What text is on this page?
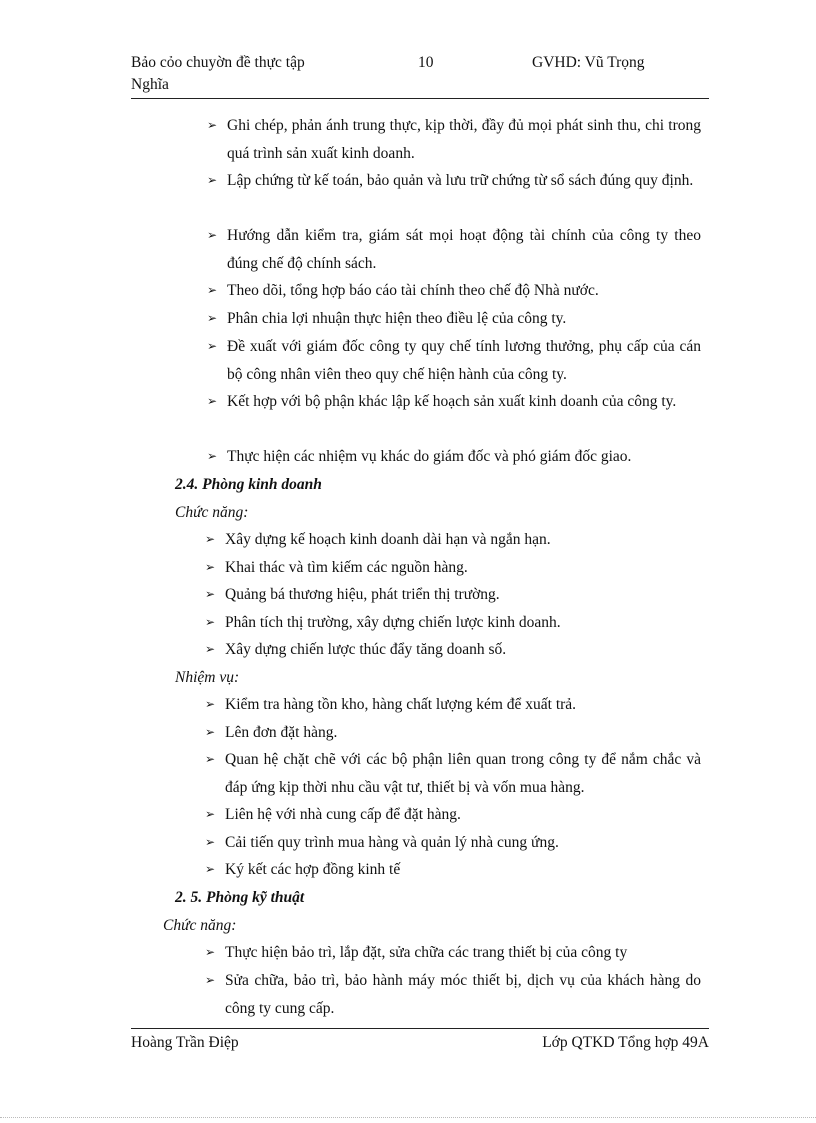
Bảo cỏo chuyờn đề thực tập Nghĩa
10	GVHD: Vũ Trọng
➢ Ghi chép, phản ánh trung thực, kịp thời, đầy đủ mọi phát sinh thu, chi trong quá trình sản xuất kinh doanh.
➢ Lập chứng từ kế toán, bảo quản và lưu trữ chứng từ sổ sách đúng quy định.
➢ Hướng dẫn kiểm tra, giám sát mọi hoạt động tài chính của công ty theo đúng chế độ chính sách.
➢ Theo dõi, tổng hợp báo cáo tài chính theo chế độ Nhà nước.
➢ Phân chia lợi nhuận thực hiện theo điều lệ của công ty.
➢ Đề xuất với giám đốc công ty quy chế tính lương thưởng, phụ cấp của cán bộ công nhân viên theo quy chế hiện hành của công ty.
➢ Kết hợp với bộ phận khác lập kế hoạch sản xuất kinh doanh của công ty.
➢ Thực hiện các nhiệm vụ khác do giám đốc và phó giám đốc giao.
2.4. Phòng kinh doanh
Chức năng:
➢ Xây dựng kế hoạch kinh doanh dài hạn và ngắn hạn.
➢ Khai thác và tìm kiếm các nguồn hàng.
➢ Quảng bá thương hiệu, phát triển thị trường.
➢ Phân tích thị trường, xây dựng chiến lược kinh doanh.
➢ Xây dựng chiến lược thúc đẩy tăng doanh số.
Nhiệm vụ:
➢ Kiểm tra hàng tồn kho, hàng chất lượng kém để xuất trả.
➢ Lên đơn đặt hàng.
➢ Quan hệ chặt chẽ với các bộ phận liên quan trong công ty để nắm chắc và đáp ứng kịp thời nhu cầu vật tư, thiết bị và vốn mua hàng.
➢ Liên hệ với nhà cung cấp để đặt hàng.
➢ Cải tiến quy trình mua hàng và quản lý nhà cung ứng.
➢ Ký kết các hợp đồng kinh tế
2. 5. Phòng kỹ thuật
Chức năng:
➢ Thực hiện bảo trì, lắp đặt, sửa chữa các trang thiết bị của công ty
➢ Sửa chữa, bảo trì, bảo hành máy móc thiết bị, dịch vụ của khách hàng do công ty cung cấp.
Hoàng Trần Điệp	Lớp QTKD Tổng hợp 49A
